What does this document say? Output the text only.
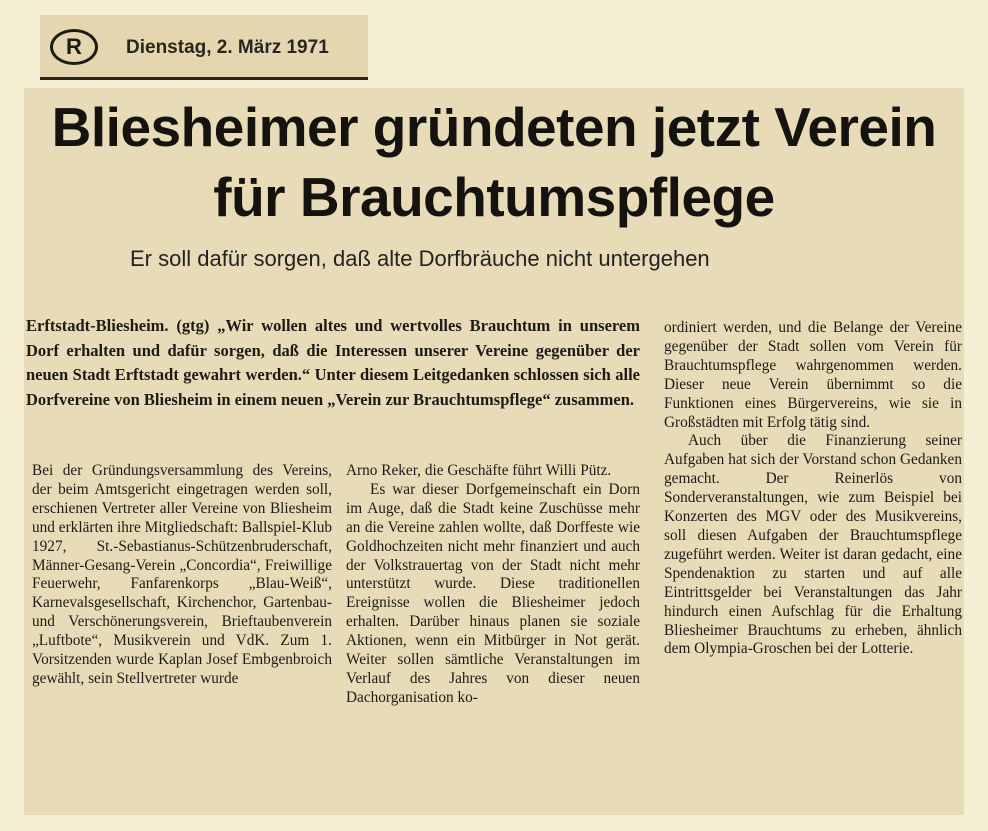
R	Dienstag, 2. März 1971
Bliesheimer gründeten jetzt Verein für Brauchtumspflege
Er soll dafür sorgen, daß alte Dorfbräuche nicht untergehen
Erftstadt-Bliesheim. (gtg) „Wir wollen altes und wertvolles Brauchtum in unserem Dorf erhalten und dafür sorgen, daß die Interessen unserer Vereine gegenüber der neuen Stadt Erftstadt gewahrt werden.“ Unter diesem Leitgedanken schlossen sich alle Dorfvereine von Bliesheim in einem neuen „Verein zur Brauchtumspflege“ zusammen.

Bei der Gründungsversammlung des Vereins, der beim Amtsgericht eingetragen werden soll, erschienen Vertreter aller Vereine von Bliesheim und erklärten ihre Mitgliedschaft: Ballspiel-Klub 1927, St.-Sebastianus-Schützenbruderschaft, Männer-Gesang-Verein „Concordia“, Freiwillige Feuerwehr, Fanfarenkorps „Blau-Weiß“, Karnevalsgesellschaft, Kirchenchor, Gartenbau- und Verschönerungsverein, Brieftaubenverein „Luftbote“, Musikverein und VdK. Zum 1. Vorsitzenden wurde Kaplan Josef Embgenbroich gewählt, sein Stellvertreter wurde

Arno Reker, die Geschäfte führt Willi Pütz.

Es war dieser Dorfgemeinschaft ein Dorn im Auge, daß die Stadt keine Zuschüsse mehr an die Vereine zahlen wollte, daß Dorffeste wie Goldhochzeiten nicht mehr finanziert und auch der Volkstrauertag von der Stadt nicht mehr unterstützt wurde. Diese traditionellen Ereignisse wollen die Bliesheimer jedoch erhalten. Darüber hinaus planen sie soziale Aktionen, wenn ein Mitbürger in Not gerät. Weiter sollen sämtliche Veranstaltungen im Verlauf des Jahres von dieser neuen Dachorganisation ko-

ordiniert werden, und die Belange der Vereine gegenüber der Stadt sollen vom Verein für Brauchtumspflege wahrgenommen werden. Dieser neue Verein übernimmt so die Funktionen eines Bürgervereins, wie sie in Großstädten mit Erfolg tätig sind.

Auch über die Finanzierung seiner Aufgaben hat sich der Vorstand schon Gedanken gemacht. Der Reinerlös von Sonderveranstaltungen, wie zum Beispiel bei Konzerten des MGV oder des Musikvereins, soll diesen Aufgaben der Brauchtumspflege zugeführt werden. Weiter ist daran gedacht, eine Spendenaktion zu starten und auf alle Eintrittsgelder bei Veranstaltungen das Jahr hindurch einen Aufschlag für die Erhaltung Bliesheimer Brauchtums zu erheben, ähnlich dem Olympia-Groschen bei der Lotterie.
